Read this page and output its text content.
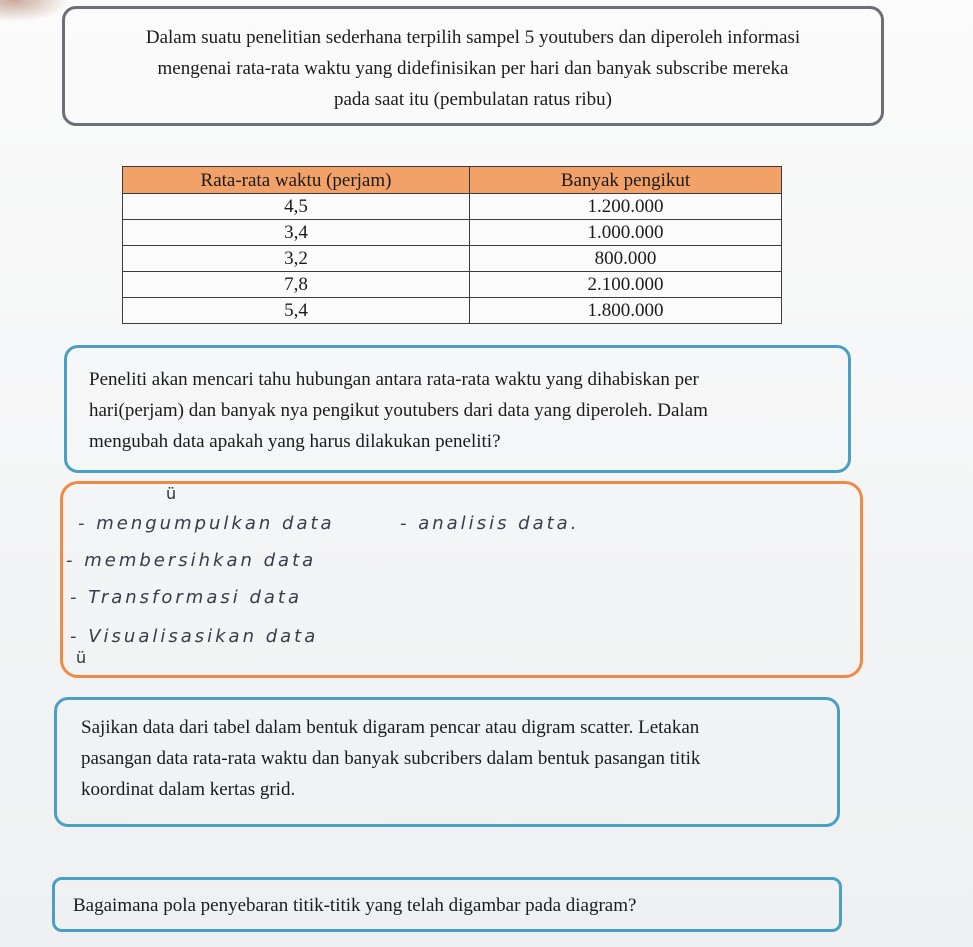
Dalam suatu penelitian sederhana terpilih sampel 5 youtubers dan diperoleh informasi
mengenai rata-rata waktu yang didefinisikan per hari dan banyak subscribe mereka
pada saat itu (pembulatan ratus ribu)
Rata-rata waktu (perjam)	Banyak pengikut
4,5	1.200.000
3,4	1.000.000
3,2	800.000
7,8	2.100.000
5,4	1.800.000
Peneliti akan mencari tahu hubungan antara rata-rata waktu yang dihabiskan per
hari(perjam) dan banyak nya pengikut youtubers dari data yang diperoleh. Dalam
mengubah data apakah yang harus dilakukan peneliti?
ü
- mengumpulkan data	- analisis data.
- membersihkan data
- Transformasi data
- Visualisasikan data
ü
Sajikan data dari tabel dalam bentuk digaram pencar atau digram scatter. Letakan
pasangan data rata-rata waktu dan banyak subcribers dalam bentuk pasangan titik
koordinat dalam kertas grid.
Bagaimana pola penyebaran titik-titik yang telah digambar pada diagram?
